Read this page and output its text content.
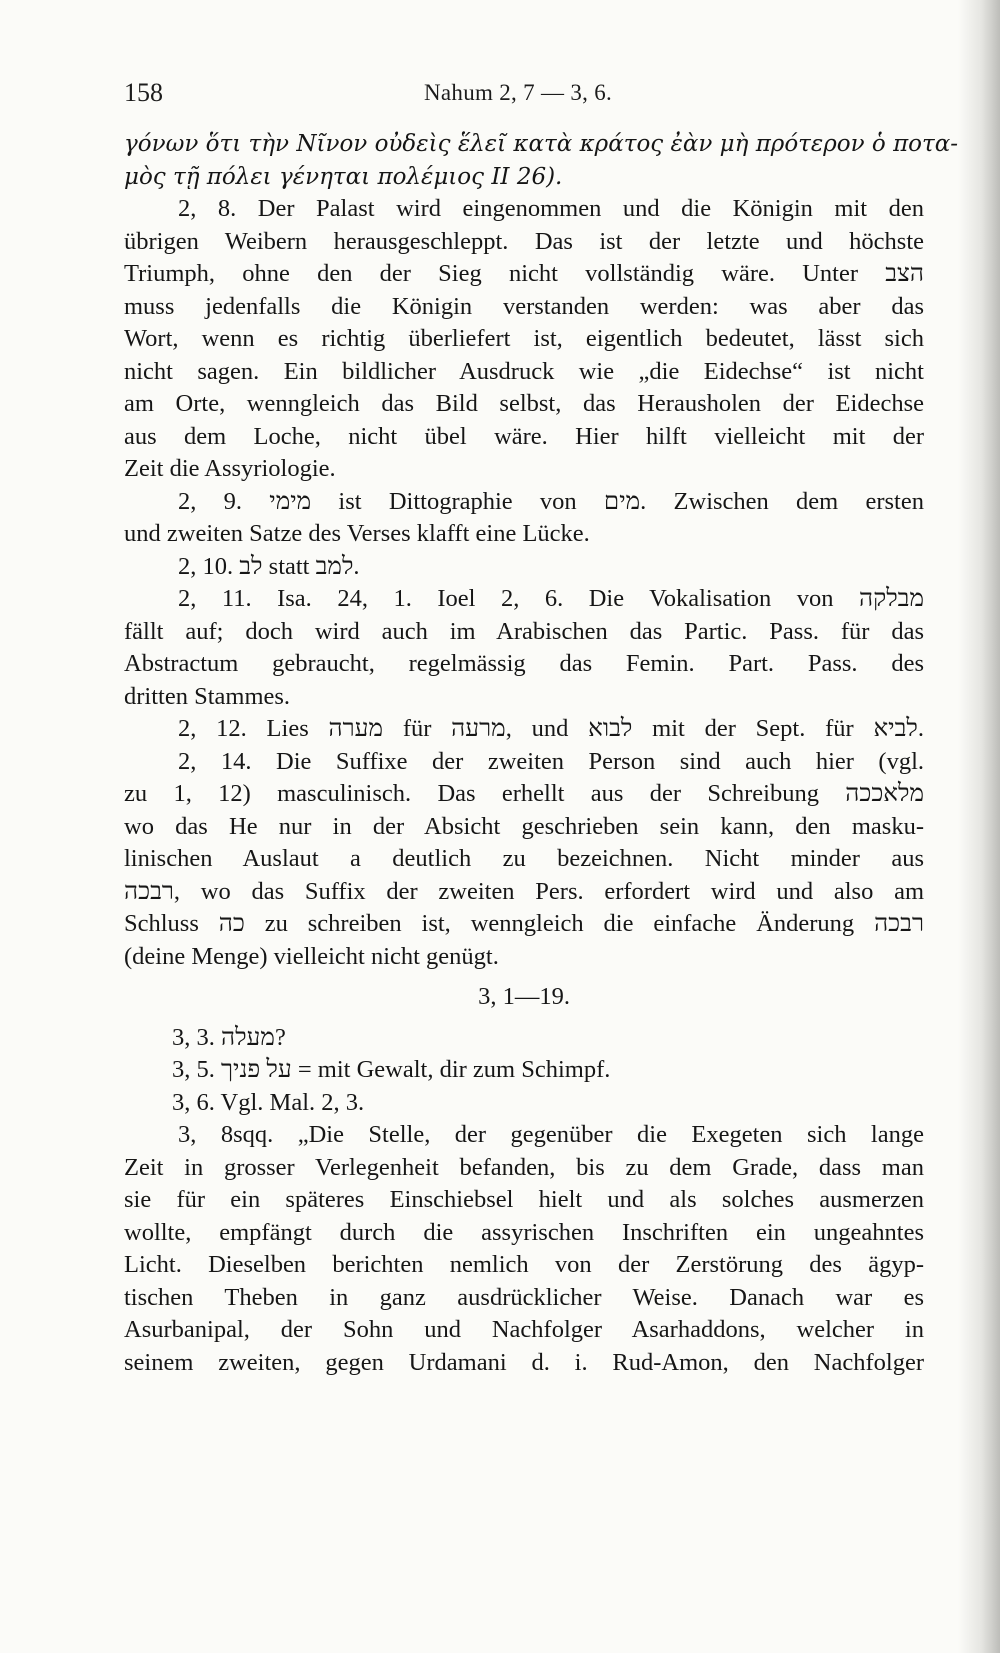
158	Nahum 2, 7 — 3, 6.
γόνων ὅτι τὴν Νῖνον οὐδεὶς ἕλεῖ κατὰ κράτος ἐὰν μὴ πρότερον ὁ ποτα-
μὸς τῇ πόλει γένηται πολέμιος II 26).
2, 8. Der Palast wird eingenommen und die Königin mit den
übrigen Weibern herausgeschleppt. Das ist der letzte und höchste
Triumph, ohne den der Sieg nicht vollständig wäre. Unter הצב
muss jedenfalls die Königin verstanden werden: was aber das
Wort, wenn es richtig überliefert ist, eigentlich bedeutet, lässt sich
nicht sagen. Ein bildlicher Ausdruck wie „die Eidechse“ ist nicht
am Orte, wenngleich das Bild selbst, das Herausholen der Eidechse
aus dem Loche, nicht übel wäre. Hier hilft vielleicht mit der
Zeit die Assyriologie.
2, 9. מימי ist Dittographie von מים. Zwischen dem ersten
und zweiten Satze des Verses klafft eine Lücke.
2, 10. לב statt למב.
2, 11. Isa. 24, 1. Ioel 2, 6. Die Vokalisation von מבלקה
fällt auf; doch wird auch im Arabischen das Partic. Pass. für das
Abstractum gebraucht, regelmässig das Femin. Part. Pass. des
dritten Stammes.
2, 12. Lies מערה für מרעה, und לבוא mit der Sept. für לביא.
2, 14. Die Suffixe der zweiten Person sind auch hier (vgl.
zu 1, 12) masculinisch. Das erhellt aus der Schreibung מלאככה
wo das He nur in der Absicht geschrieben sein kann, den masku-
linischen Auslaut a deutlich zu bezeichnen. Nicht minder aus
רבכה, wo das Suffix der zweiten Pers. erfordert wird und also am
Schluss כה zu schreiben ist, wenngleich die einfache Änderung רבכה
(deine Menge) vielleicht nicht genügt.
3, 1—19.
3, 3. מעלה?
3, 5. על פניך = mit Gewalt, dir zum Schimpf.
3, 6. Vgl. Mal. 2, 3.
3, 8sqq. „Die Stelle, der gegenüber die Exegeten sich lange
Zeit in grosser Verlegenheit befanden, bis zu dem Grade, dass man
sie für ein späteres Einschiebsel hielt und als solches ausmerzen
wollte, empfängt durch die assyrischen Inschriften ein ungeahntes
Licht. Dieselben berichten nemlich von der Zerstörung des ägyp-
tischen Theben in ganz ausdrücklicher Weise. Danach war es
Asurbanipal, der Sohn und Nachfolger Asarhaddons, welcher in
seinem zweiten, gegen Urdamani d. i. Rud-Amon, den Nachfolger
